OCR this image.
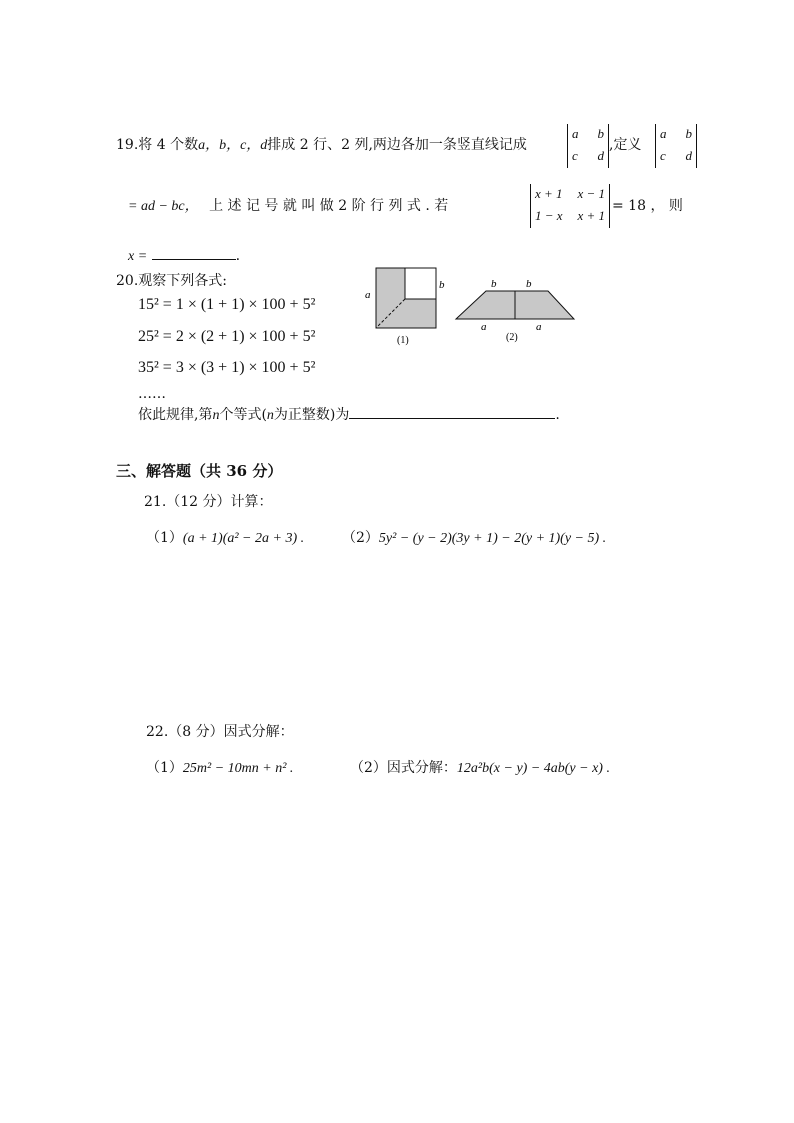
19.将 4 个数a，b，c，d排成 2 行、2 列,两边各加一条竖直线记成
a b
c d
,定义
a b
c d
= ad − bc， 上 述 记 号 就 叫 做 2 阶 行 列 式 . 若
x + 1 x − 1
1 − x x + 1
= 18 ， 则
x =	.
20.观察下列各式:
15² = 1 × (1 + 1) × 100 + 5²
25² = 2 × (2 + 1) × 100 + 5²
35² = 3 × (3 + 1) × 100 + 5²
……
依此规律,第n个等式(n为正整数)为	.
a
b
(1)
b	b
a	a
(2)
三、解答题（共 36 分）
21.（12 分）计算：
（1）(a + 1)(a² − 2a + 3) .	（2）5y² − (y − 2)(3y + 1) − 2(y + 1)(y − 5) .
22.（8 分）因式分解：
（1）25m² − 10mn + n² .	（2）因式分解：12a²b(x − y) − 4ab(y − x) .
